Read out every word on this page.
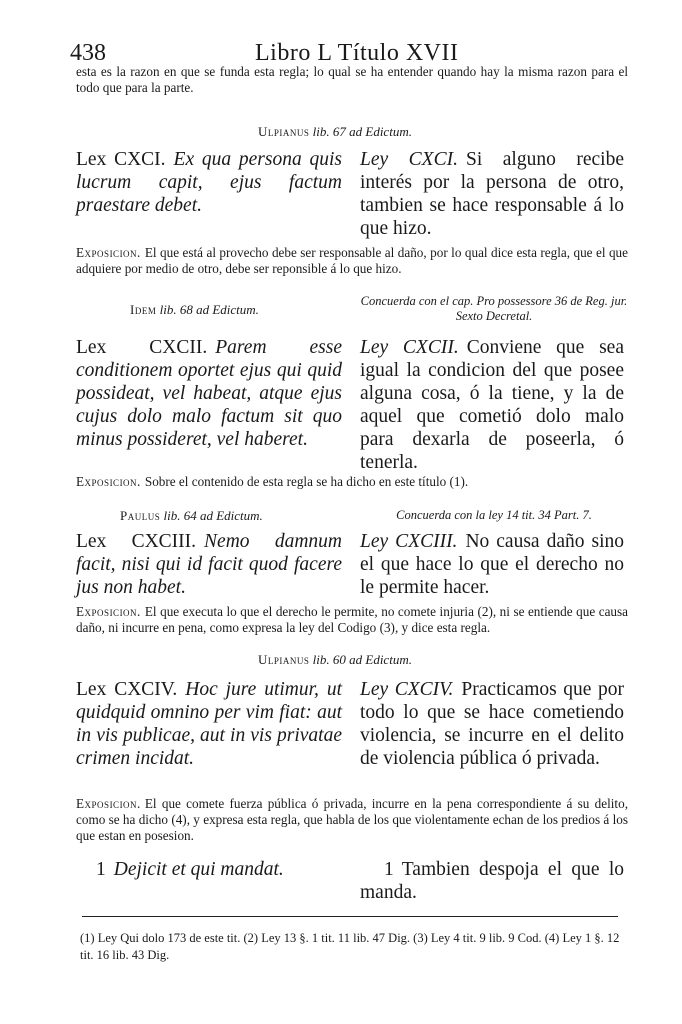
438	Libro L Título XVII

esta es la razon en que se funda esta regla; lo qual se ha entender quando hay la misma razon para el todo que para la parte.

Ulpianus lib. 67 ad Edictum.
Lex CXCI. Ex qua persona quis lucrum capit, ejus factum praestare debet.
Ley CXCI. Si alguno recibe interés por la persona de otro, tambien se hace responsable á lo que hizo.

Exposicion. El que está al provecho debe ser responsable al daño, por lo qual dice esta regla, que el que adquiere por medio de otro, debe ser reponsible á lo que hizo.

Idem lib. 68 ad Edictum.
Concuerda con el cap. Pro possessore 36 de Reg. jur. Sexto Decretal.
Lex CXCII. Parem esse conditionem oportet ejus qui quid possideat, vel habeat, atque ejus cujus dolo malo factum sit quo minus possideret, vel haberet.
Ley CXCII. Conviene que sea igual la condicion del que posee alguna cosa, ó la tiene, y la de aquel que cometió dolo malo para dexarla de poseerla, ó tenerla.

Exposicion. Sobre el contenido de esta regla se ha dicho en este título (1).

Paulus lib. 64 ad Edictum.	Concuerda con la ley 14 tit. 34 Part. 7.
Lex CXCIII. Nemo damnum facit, nisi qui id facit quod facere jus non habet.
Ley CXCIII. No causa daño sino el que hace lo que el derecho no le permite hacer.

Exposicion. El que executa lo que el derecho le permite, no comete injuria (2), ni se entiende que causa daño, ni incurre en pena, como expresa la ley del Codigo (3), y dice esta regla.

Ulpianus lib. 60 ad Edictum.
Lex CXCIV. Hoc jure utimur, ut quidquid omnino per vim fiat: aut in vis publicae, aut in vis privatae crimen incidat.
Ley CXCIV. Practicamos que por todo lo que se hace cometiendo violencia, se incurre en el delito de violencia pública ó privada.

Exposicion. El que comete fuerza pública ó privada, incurre en la pena correspondiente á su delito, como se ha dicho (4), y expresa esta regla, que habla de los que violentamente echan de los predios á los que estan en posesion.

1 Dejicit et qui mandat.	1 Tambien despoja el que lo manda.

(1) Ley Qui dolo 173 de este tit. (2) Ley 13 §. 1 tit. 11 lib. 47 Dig. (3) Ley 4 tit. 9 lib. 9 Cod. (4) Ley 1 §. 12 tit. 16 lib. 43 Dig.
